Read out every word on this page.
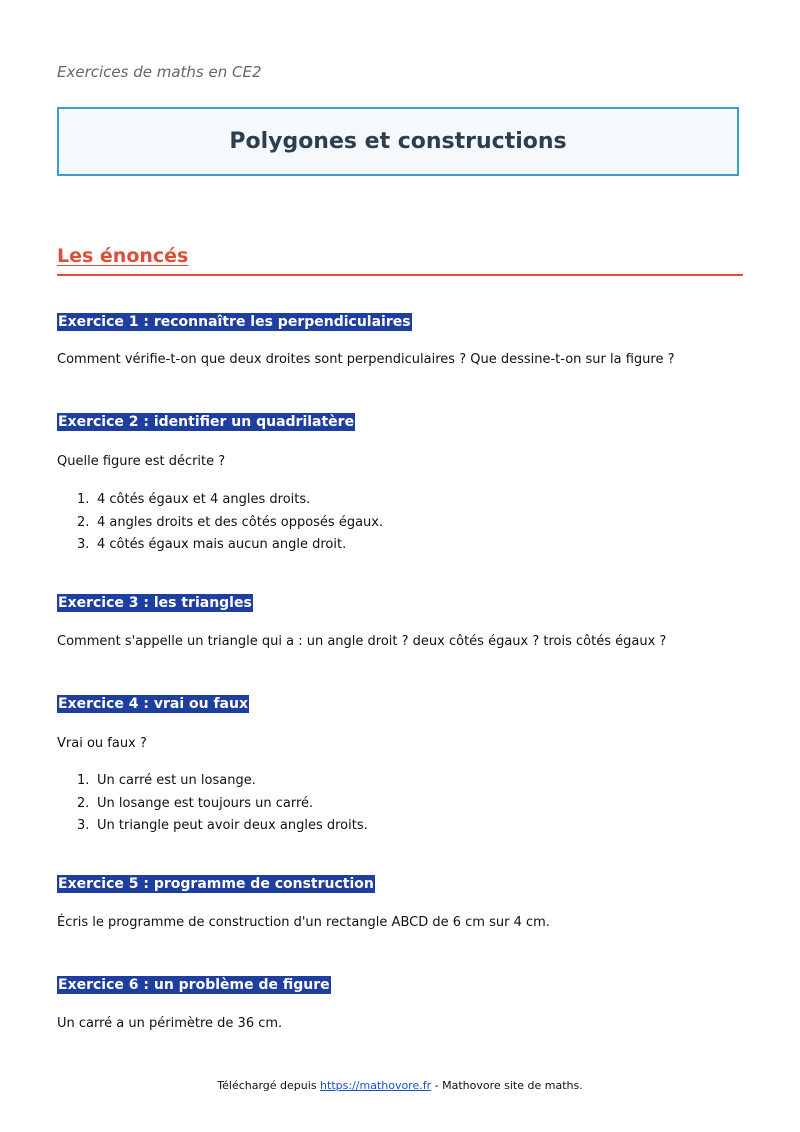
Exercices de maths en CE2
Polygones et constructions
Les énoncés
Exercice 1 : reconnaître les perpendiculaires
Comment vérifie-t-on que deux droites sont perpendiculaires ? Que dessine-t-on sur la figure ?
Exercice 2 : identifier un quadrilatère
Quelle figure est décrite ?
1. 4 côtés égaux et 4 angles droits.
2. 4 angles droits et des côtés opposés égaux.
3. 4 côtés égaux mais aucun angle droit.
Exercice 3 : les triangles
Comment s'appelle un triangle qui a : un angle droit ? deux côtés égaux ? trois côtés égaux ?
Exercice 4 : vrai ou faux
Vrai ou faux ?
1. Un carré est un losange.
2. Un losange est toujours un carré.
3. Un triangle peut avoir deux angles droits.
Exercice 5 : programme de construction
Écris le programme de construction d'un rectangle ABCD de 6 cm sur 4 cm.
Exercice 6 : un problème de figure
Un carré a un périmètre de 36 cm.
Téléchargé depuis https://mathovore.fr - Mathovore site de maths.
